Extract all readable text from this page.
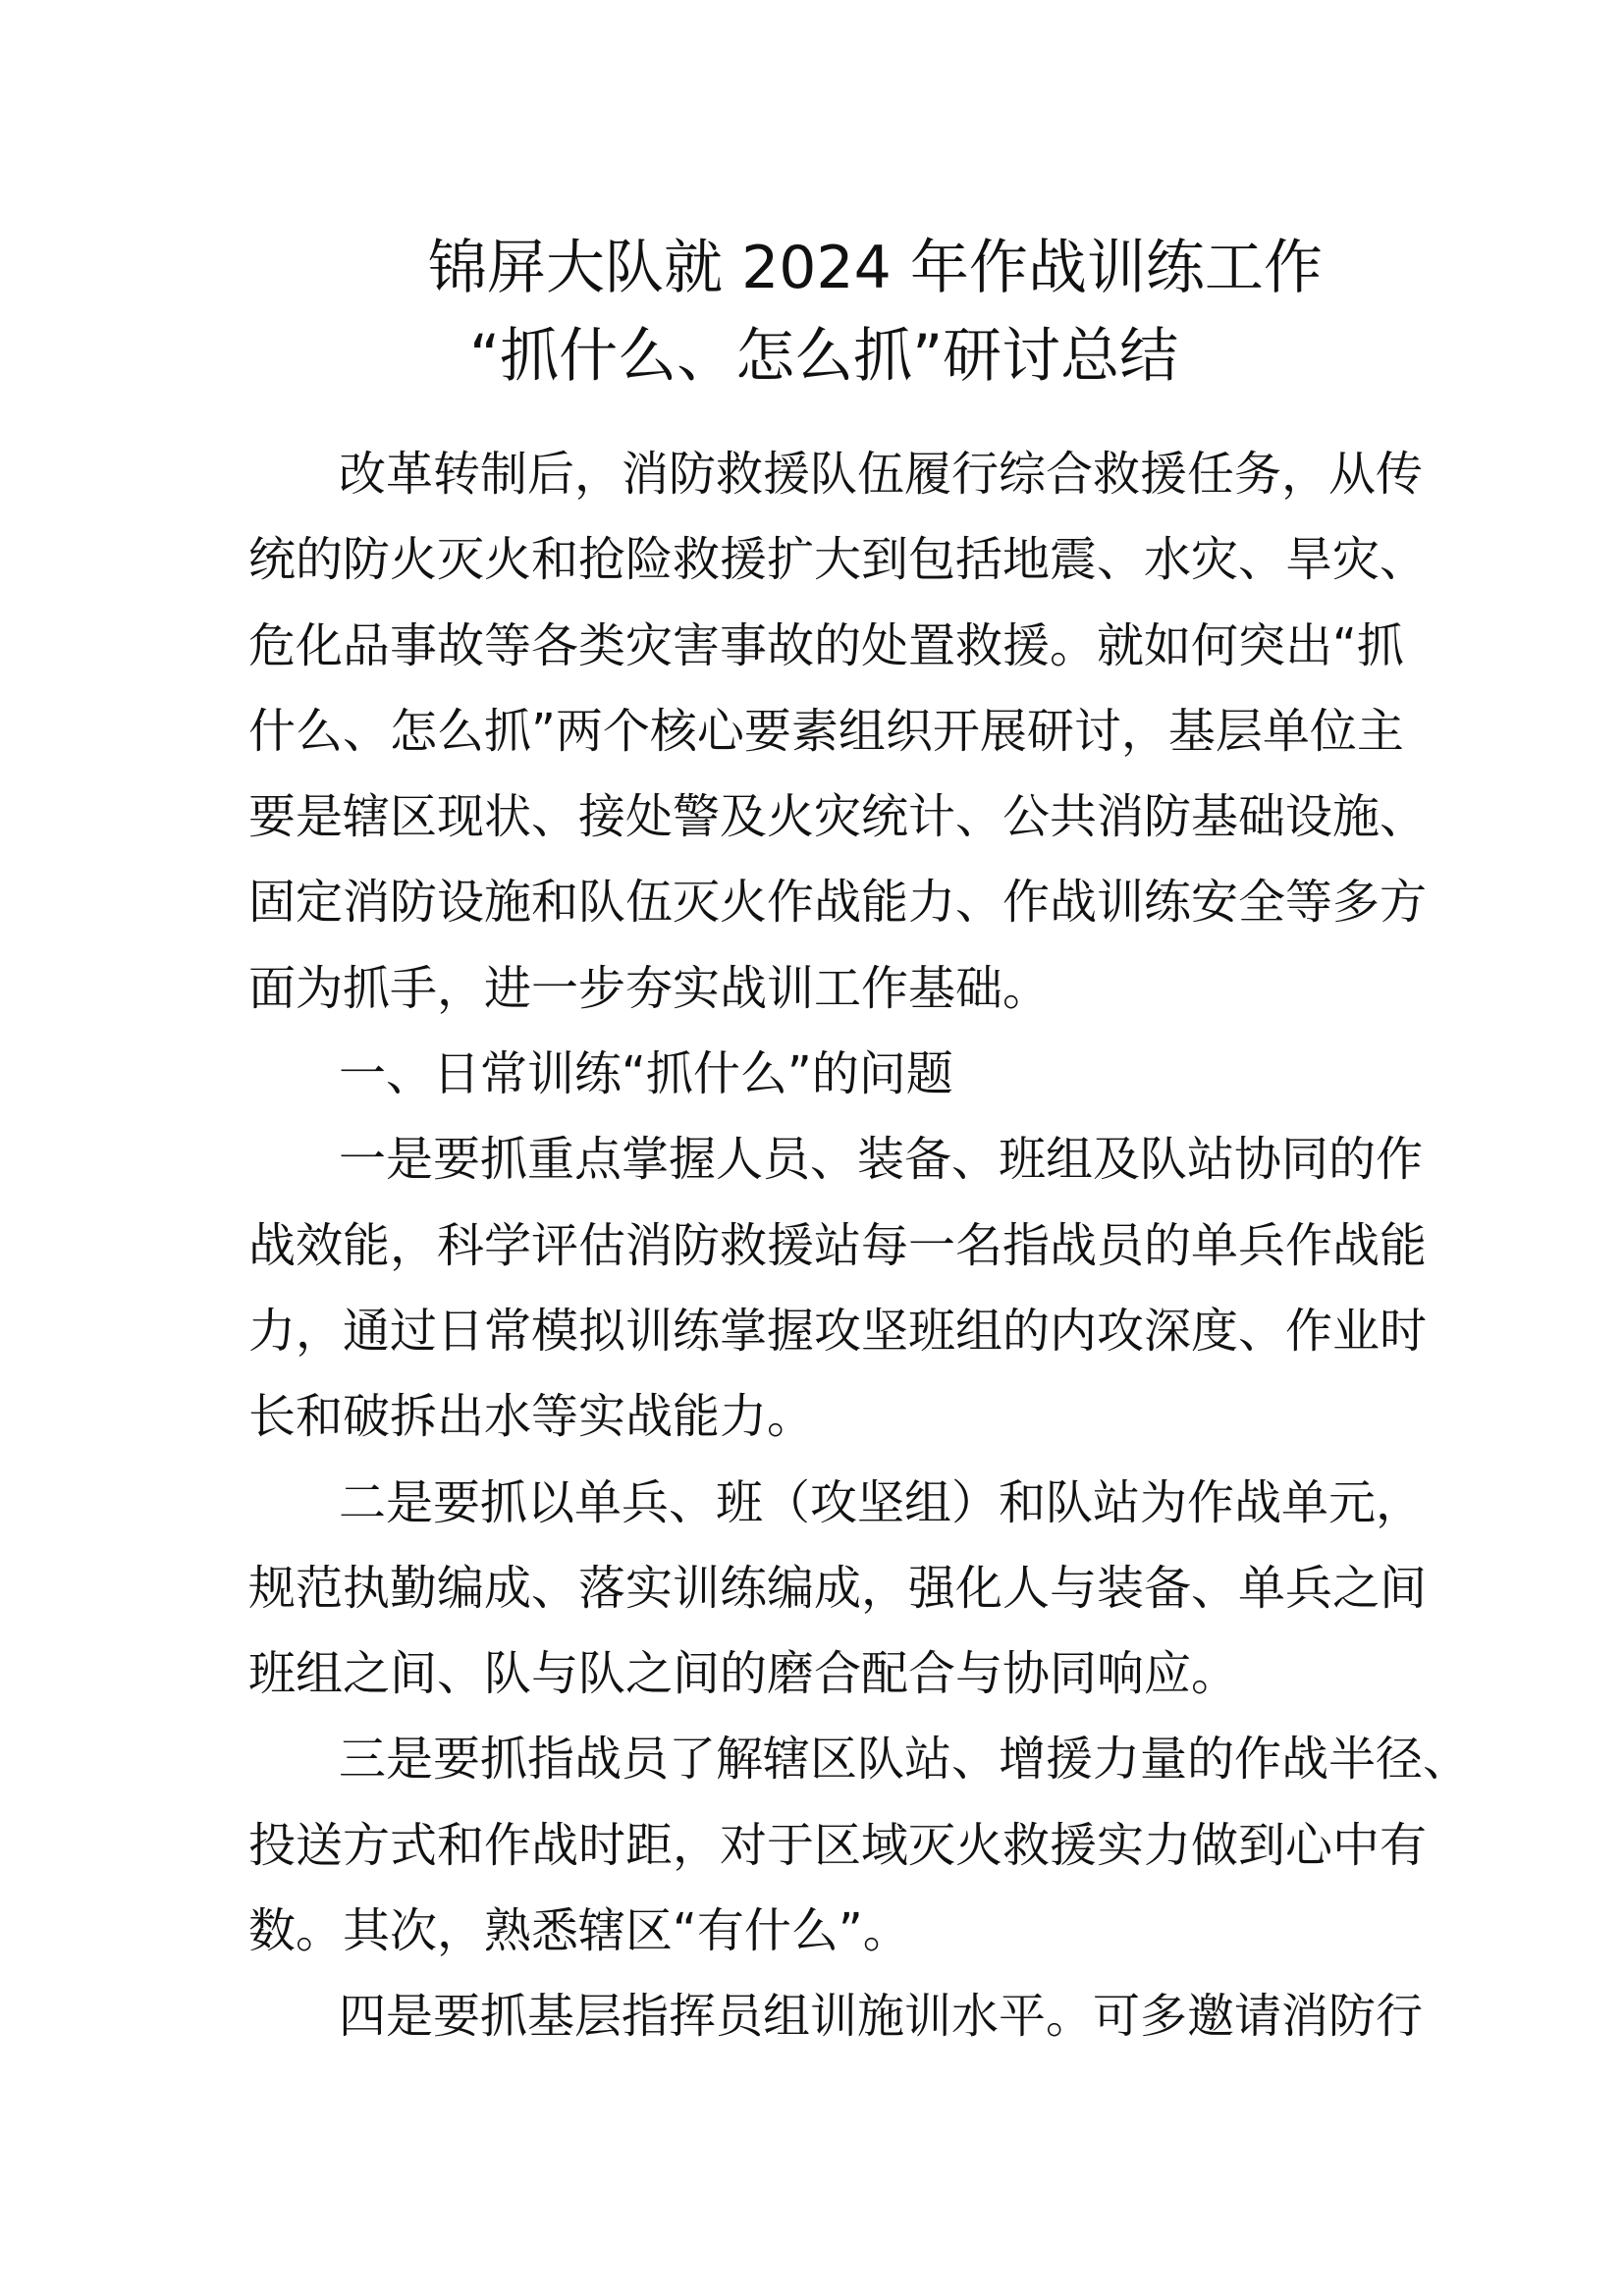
锦屏大队就 2024 年作战训练工作
“抓什么、怎么抓”研讨总结
改革转制后，消防救援队伍履行综合救援任务，从传
统的防火灭火和抢险救援扩大到包括地震、水灾、旱灾、
危化品事故等各类灾害事故的处置救援。就如何突出“抓
什么、怎么抓”两个核心要素组织开展研讨，基层单位主
要是辖区现状、接处警及火灾统计、公共消防基础设施、
固定消防设施和队伍灭火作战能力、作战训练安全等多方
面为抓手，进一步夯实战训工作基础。
一、日常训练“抓什么”的问题
一是要抓重点掌握人员、装备、班组及队站协同的作
战效能，科学评估消防救援站每一名指战员的单兵作战能
力，通过日常模拟训练掌握攻坚班组的内攻深度、作业时
长和破拆出水等实战能力。
二是要抓以单兵、班（攻坚组）和队站为作战单元，
规范执勤编成、落实训练编成，强化人与装备、单兵之间
班组之间、队与队之间的磨合配合与协同响应。
三是要抓指战员了解辖区队站、增援力量的作战半径、
投送方式和作战时距，对于区域灭火救援实力做到心中有
数。其次，熟悉辖区“有什么”。
四是要抓基层指挥员组训施训水平。可多邀请消防行
